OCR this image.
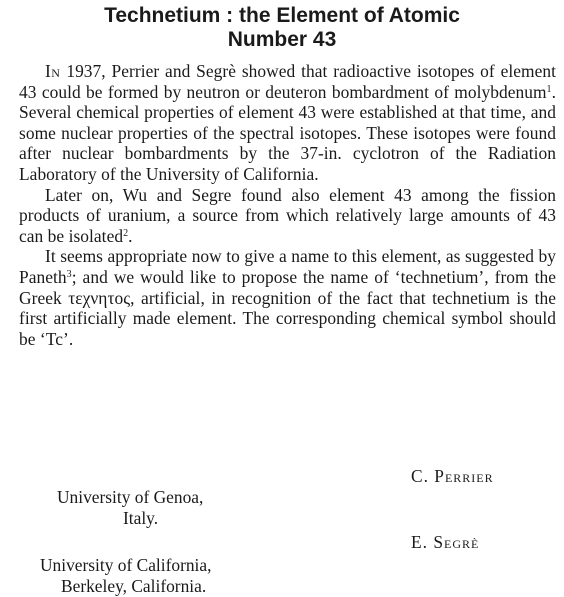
Technetium : the Element of Atomic
Number 43

In 1937, Perrier and Segrè showed that radioactive isotopes of element 43 could be formed by neutron or deuteron bombardment of molybdenum$^1$. Several chemical properties of element 43 were established at that time, and some nuclear properties of the spectral isotopes. These isotopes were found after nuclear bombardments by the 37-in. cyclotron of the Radiation Laboratory of the University of California.

Later on, Wu and Segre found also element 43 among the fission products of uranium, a source from which relatively large amounts of 43 can be isolated$^2$.

It seems appropriate now to give a name to this element, as suggested by Paneth$^3$; and we would like to propose the name of ‘technetium’, from the Greek τεχνητος, artificial, in recognition of the fact that technetium is the first artificially made element. The corresponding chemical symbol should be ‘Tc’.

C. Perrier
University of Genoa,
Italy.
E. Segrè
University of California,
Berkeley, California.
